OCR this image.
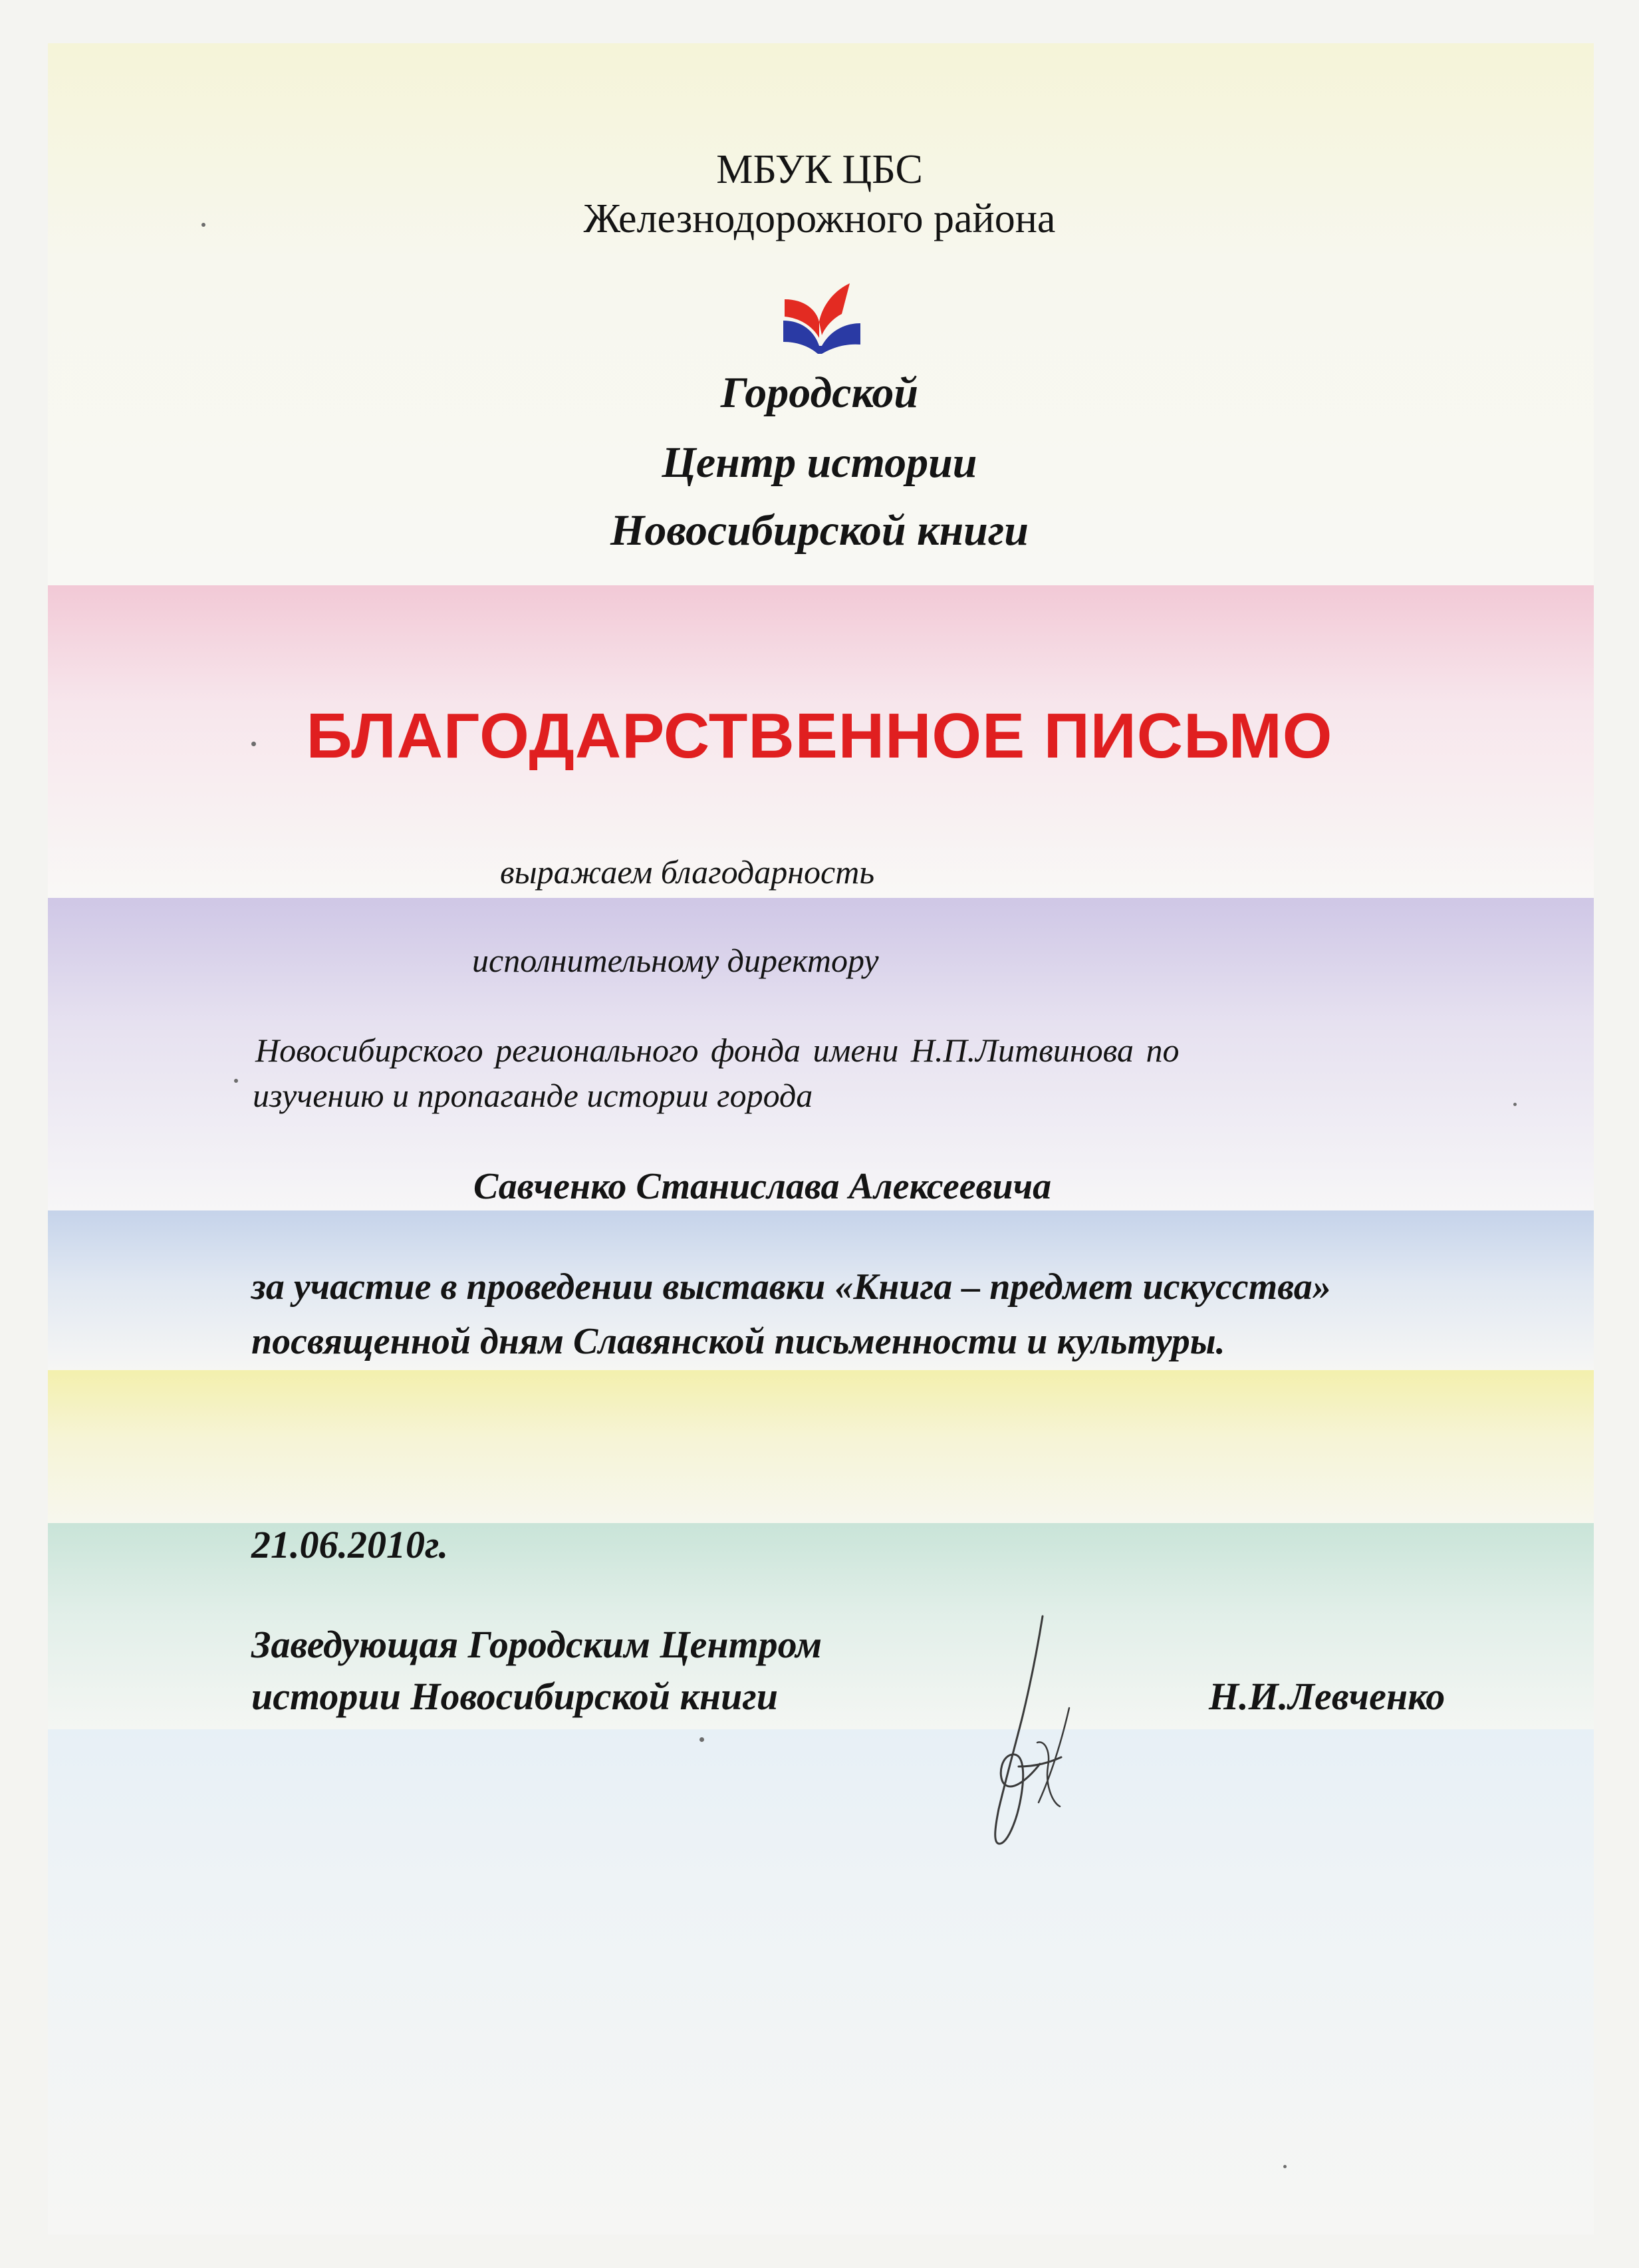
МБУК ЦБС
Железнодорожного района
Городской
Центр истории
Новосибирской книги
БЛАГОДАРСТВЕННОЕ ПИСЬМО
выражаем благодарность
исполнительному директору
Новосибирского регионального фонда имени Н.П.Литвинова по
изучению и пропаганде истории города
Савченко Станислава Алексеевича
за участие в проведении выставки «Книга – предмет искусства»
посвященной дням Славянской письменности и культуры.
21.06.2010г.
Заведующая Городским Центром
истории Новосибирской книги	Н.И.Левченко
